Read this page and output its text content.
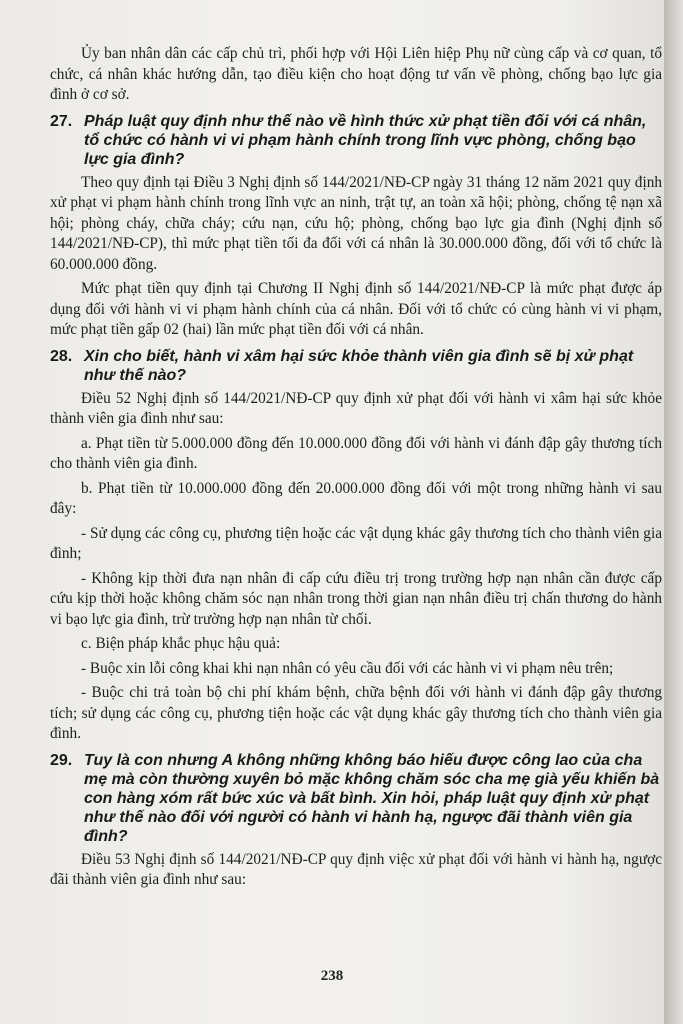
Ủy ban nhân dân các cấp chủ trì, phối hợp với Hội Liên hiệp Phụ nữ cùng cấp và cơ quan, tổ chức, cá nhân khác hướng dẫn, tạo điều kiện cho hoạt động tư vấn về phòng, chống bạo lực gia đình ở cơ sở.

27. Pháp luật quy định như thế nào về hình thức xử phạt tiền đối với cá nhân, tổ chức có hành vi vi phạm hành chính trong lĩnh vực phòng, chống bạo lực gia đình?

Theo quy định tại Điều 3 Nghị định số 144/2021/NĐ-CP ngày 31 tháng 12 năm 2021 quy định xử phạt vi phạm hành chính trong lĩnh vực an ninh, trật tự, an toàn xã hội; phòng, chống tệ nạn xã hội; phòng cháy, chữa cháy; cứu nạn, cứu hộ; phòng, chống bạo lực gia đình (Nghị định số 144/2021/NĐ-CP), thì mức phạt tiền tối đa đối với cá nhân là 30.000.000 đồng, đối với tổ chức là 60.000.000 đồng.

Mức phạt tiền quy định tại Chương II Nghị định số 144/2021/NĐ-CP là mức phạt được áp dụng đối với hành vi vi phạm hành chính của cá nhân. Đối với tổ chức có cùng hành vi vi phạm, mức phạt tiền gấp 02 (hai) lần mức phạt tiền đối với cá nhân.

28. Xin cho biết, hành vi xâm hại sức khỏe thành viên gia đình sẽ bị xử phạt như thế nào?

Điều 52 Nghị định số 144/2021/NĐ-CP quy định xử phạt đối với hành vi xâm hại sức khỏe thành viên gia đình như sau:

a. Phạt tiền từ 5.000.000 đồng đến 10.000.000 đồng đối với hành vi đánh đập gây thương tích cho thành viên gia đình.

b. Phạt tiền từ 10.000.000 đồng đến 20.000.000 đồng đối với một trong những hành vi sau đây:

- Sử dụng các công cụ, phương tiện hoặc các vật dụng khác gây thương tích cho thành viên gia đình;

- Không kịp thời đưa nạn nhân đi cấp cứu điều trị trong trường hợp nạn nhân cần được cấp cứu kịp thời hoặc không chăm sóc nạn nhân trong thời gian nạn nhân điều trị chấn thương do hành vi bạo lực gia đình, trừ trường hợp nạn nhân từ chối.

c. Biện pháp khắc phục hậu quả:

- Buộc xin lỗi công khai khi nạn nhân có yêu cầu đối với các hành vi vi phạm nêu trên;

- Buộc chi trả toàn bộ chi phí khám bệnh, chữa bệnh đối với hành vi đánh đập gây thương tích; sử dụng các công cụ, phương tiện hoặc các vật dụng khác gây thương tích cho thành viên gia đình.

29. Tuy là con nhưng A không những không báo hiếu được công lao của cha mẹ mà còn thường xuyên bỏ mặc không chăm sóc cha mẹ già yếu khiến bà con hàng xóm rất bức xúc và bất bình. Xin hỏi, pháp luật quy định xử phạt như thế nào đối với người có hành vi hành hạ, ngược đãi thành viên gia đình?

Điều 53 Nghị định số 144/2021/NĐ-CP quy định việc xử phạt đối với hành vi hành hạ, ngược đãi thành viên gia đình như sau:

238
